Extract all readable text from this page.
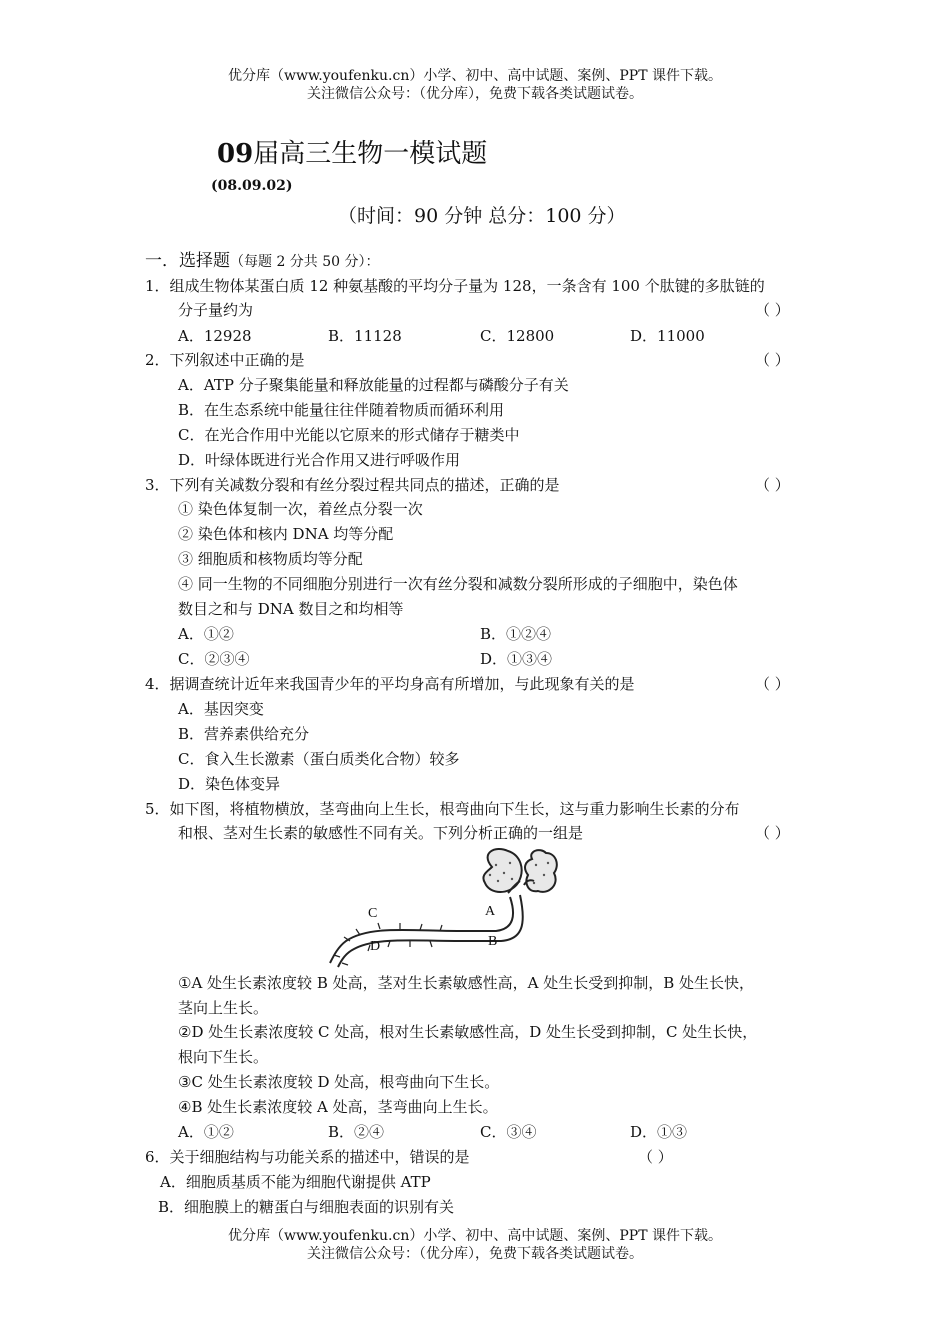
优分库（www.youfenku.cn）小学、初中、高中试题、案例、PPT 课件下载。
关注微信公众号：（优分库），免费下载各类试题试卷。
09届高三生物一模试题
(08.09.02)
（时间：90 分钟 总分：100 分）
一．选择题（每题 2 分共 50 分）：
1．组成生物体某蛋白质 12 种氨基酸的平均分子量为 128，一条含有 100 个肽键的多肽链的
分子量约为	（ ）
A．12928	B．11128	C．12800	D．11000
2．下列叙述中正确的是	（ ）
A．ATP 分子聚集能量和释放能量的过程都与磷酸分子有关
B．在生态系统中能量往往伴随着物质而循环利用
C．在光合作用中光能以它原来的形式储存于糖类中
D．叶绿体既进行光合作用又进行呼吸作用
3．下列有关减数分裂和有丝分裂过程共同点的描述，正确的是	（ ）
① 染色体复制一次，着丝点分裂一次
② 染色体和核内 DNA 均等分配
③ 细胞质和核物质均等分配
④ 同一生物的不同细胞分别进行一次有丝分裂和减数分裂所形成的子细胞中，染色体
数目之和与 DNA 数目之和均相等
A．①②	B．①②④
C．②③④	D．①③④
4．据调查统计近年来我国青少年的平均身高有所增加，与此现象有关的是	（ ）
A．基因突变
B．营养素供给充分
C．食入生长激素（蛋白质类化合物）较多
D．染色体变异
5．如下图，将植物横放，茎弯曲向上生长，根弯曲向下生长，这与重力影响生长素的分布
和根、茎对生长素的敏感性不同有关。下列分析正确的一组是	（ ）
A
B
C
D
①A 处生长素浓度较 B 处高，茎对生长素敏感性高，A 处生长受到抑制，B 处生长快，
茎向上生长。
②D 处生长素浓度较 C 处高，根对生长素敏感性高，D 处生长受到抑制，C 处生长快，
根向下生长。
③C 处生长素浓度较 D 处高，根弯曲向下生长。
④B 处生长素浓度较 A 处高，茎弯曲向上生长。
A．①②	B．②④	C．③④	D．①③
6．关于细胞结构与功能关系的描述中，错误的是	（ ）
A．细胞质基质不能为细胞代谢提供 ATP
B．细胞膜上的糖蛋白与细胞表面的识别有关
优分库（www.youfenku.cn）小学、初中、高中试题、案例、PPT 课件下载。
关注微信公众号：（优分库），免费下载各类试题试卷。
